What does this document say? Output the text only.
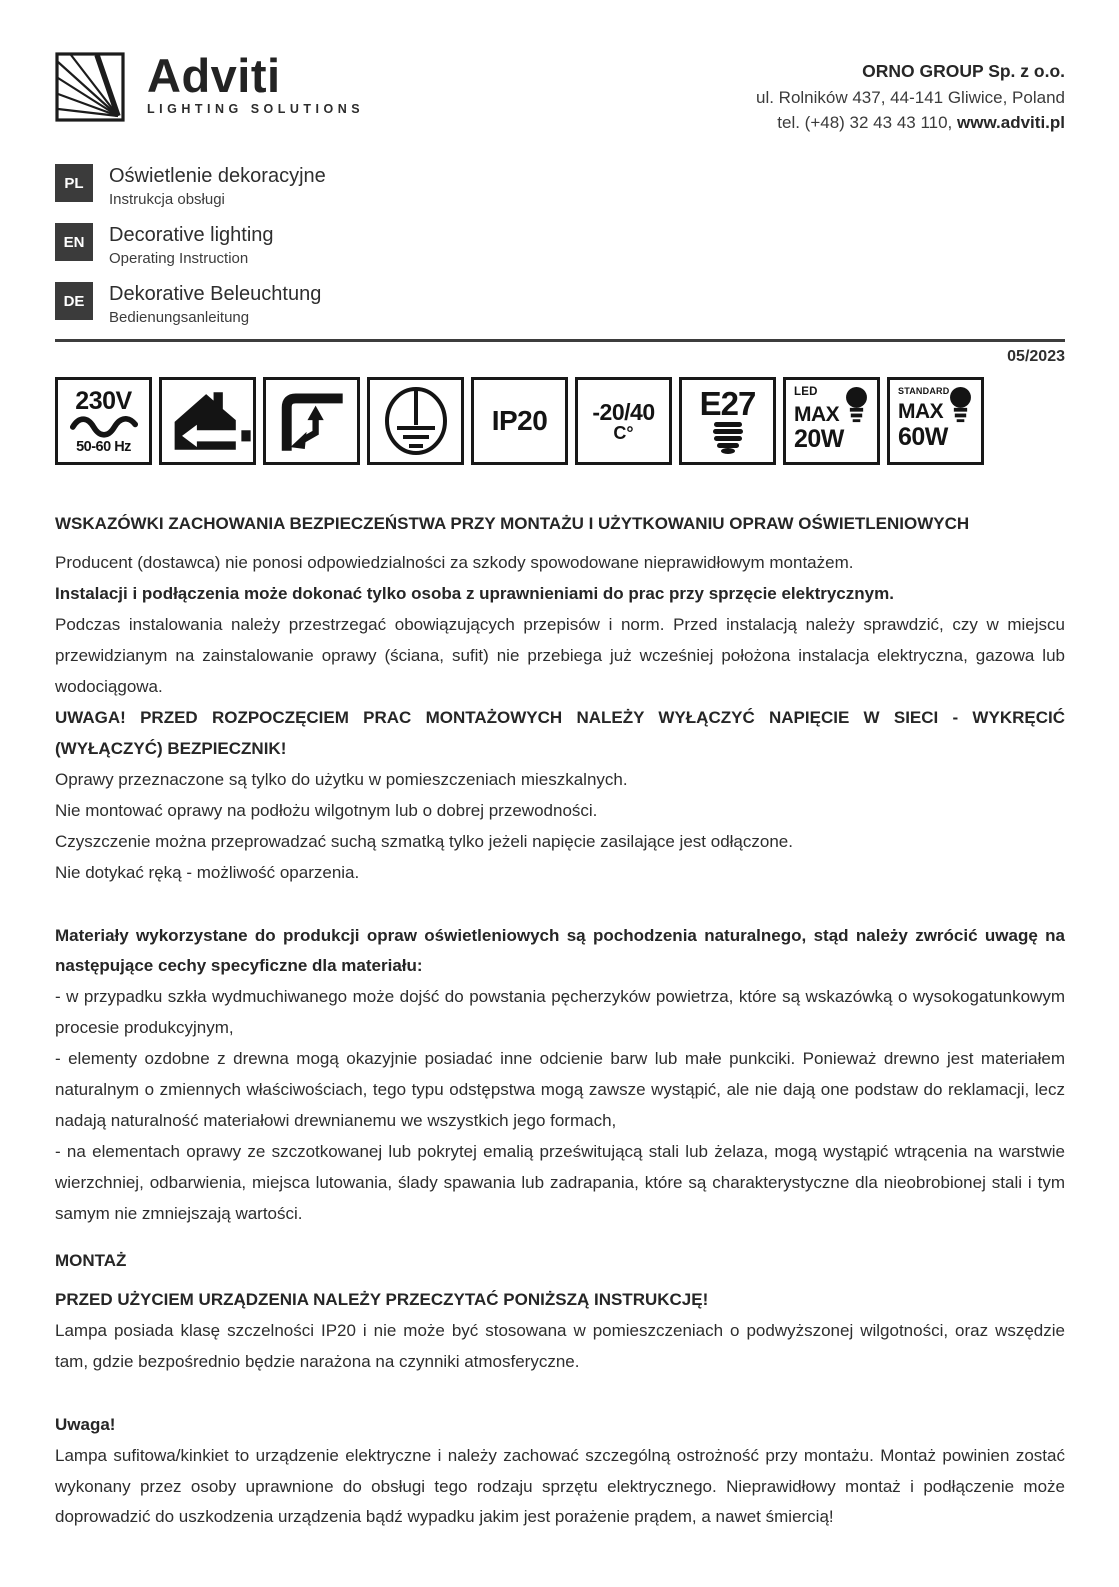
Adviti
LIGHTING SOLUTIONS
ORNO GROUP Sp. z o.o.
ul. Rolników 437, 44-141 Gliwice, Poland
tel. (+48) 32 43 43 110, www.adviti.pl
PL	Oświetlenie dekoracyjne
Instrukcja obsługi
EN	Decorative lighting
Operating Instruction
DE	Dekorative Beleuchtung
Bedienungsanleitung
05/2023
230V
50-60 Hz
IP20 -20/40
C°
E27	LED
MAX
20W
STANDARD
MAX
60W

WSKAZÓWKI ZACHOWANIA BEZPIECZEŃSTWA PRZY MONTAŻU I UŻYTKOWANIU OPRAW OŚWIETLENIOWYCH

Producent (dostawca) nie ponosi odpowiedzialności za szkody spowodowane nieprawidłowym montażem.

Instalacji i podłączenia może dokonać tylko osoba z uprawnieniami do prac przy sprzęcie elektrycznym.

Podczas instalowania należy przestrzegać obowiązujących przepisów i norm. Przed instalacją należy sprawdzić, czy w miejscu przewidzianym na zainstalowanie oprawy (ściana, sufit) nie przebiega już wcześniej położona instalacja elektryczna, gazowa lub wodociągowa.

UWAGA! PRZED ROZPOCZĘCIEM PRAC MONTAŻOWYCH NALEŻY WYŁĄCZYĆ NAPIĘCIE W SIECI - WYKRĘCIĆ (WYŁĄCZYĆ) BEZPIECZNIK!

Oprawy przeznaczone są tylko do użytku w pomieszczeniach mieszkalnych.

Nie montować oprawy na podłożu wilgotnym lub o dobrej przewodności.

Czyszczenie można przeprowadzać suchą szmatką tylko jeżeli napięcie zasilające jest odłączone.

Nie dotykać ręką - możliwość oparzenia.

Materiały wykorzystane do produkcji opraw oświetleniowych są pochodzenia naturalnego, stąd należy zwrócić uwagę na następujące cechy specyficzne dla materiału:

- w przypadku szkła wydmuchiwanego może dojść do powstania pęcherzyków powietrza, które są wskazówką o wysokogatunkowym procesie produkcyjnym,

- elementy ozdobne z drewna mogą okazyjnie posiadać inne odcienie barw lub małe punkciki. Ponieważ drewno jest materiałem naturalnym o zmiennych właściwościach, tego typu odstępstwa mogą zawsze wystąpić, ale nie dają one podstaw do reklamacji, lecz nadają naturalność materiałowi drewnianemu we wszystkich jego formach,

- na elementach oprawy ze szczotkowanej lub pokrytej emalią prześwitującą stali lub żelaza, mogą wystąpić wtrącenia na warstwie wierzchniej, odbarwienia, miejsca lutowania, ślady spawania lub zadrapania, które są charakterystyczne dla nieobrobionej stali i tym samym nie zmniejszają wartości.

MONTAŻ

PRZED UŻYCIEM URZĄDZENIA NALEŻY PRZECZYTAĆ PONIŻSZĄ INSTRUKCJĘ!

Lampa posiada klasę szczelności IP20 i nie może być stosowana w pomieszczeniach o podwyższonej wilgotności, oraz wszędzie tam, gdzie bezpośrednio będzie narażona na czynniki atmosferyczne.

Uwaga!

Lampa sufitowa/kinkiet to urządzenie elektryczne i należy zachować szczególną ostrożność przy montażu. Montaż powinien zostać wykonany przez osoby uprawnione do obsługi tego rodzaju sprzętu elektrycznego. Nieprawidłowy montaż i podłączenie może doprowadzić do uszkodzenia urządzenia bądź wypadku jakim jest porażenie prądem, a nawet śmiercią!
